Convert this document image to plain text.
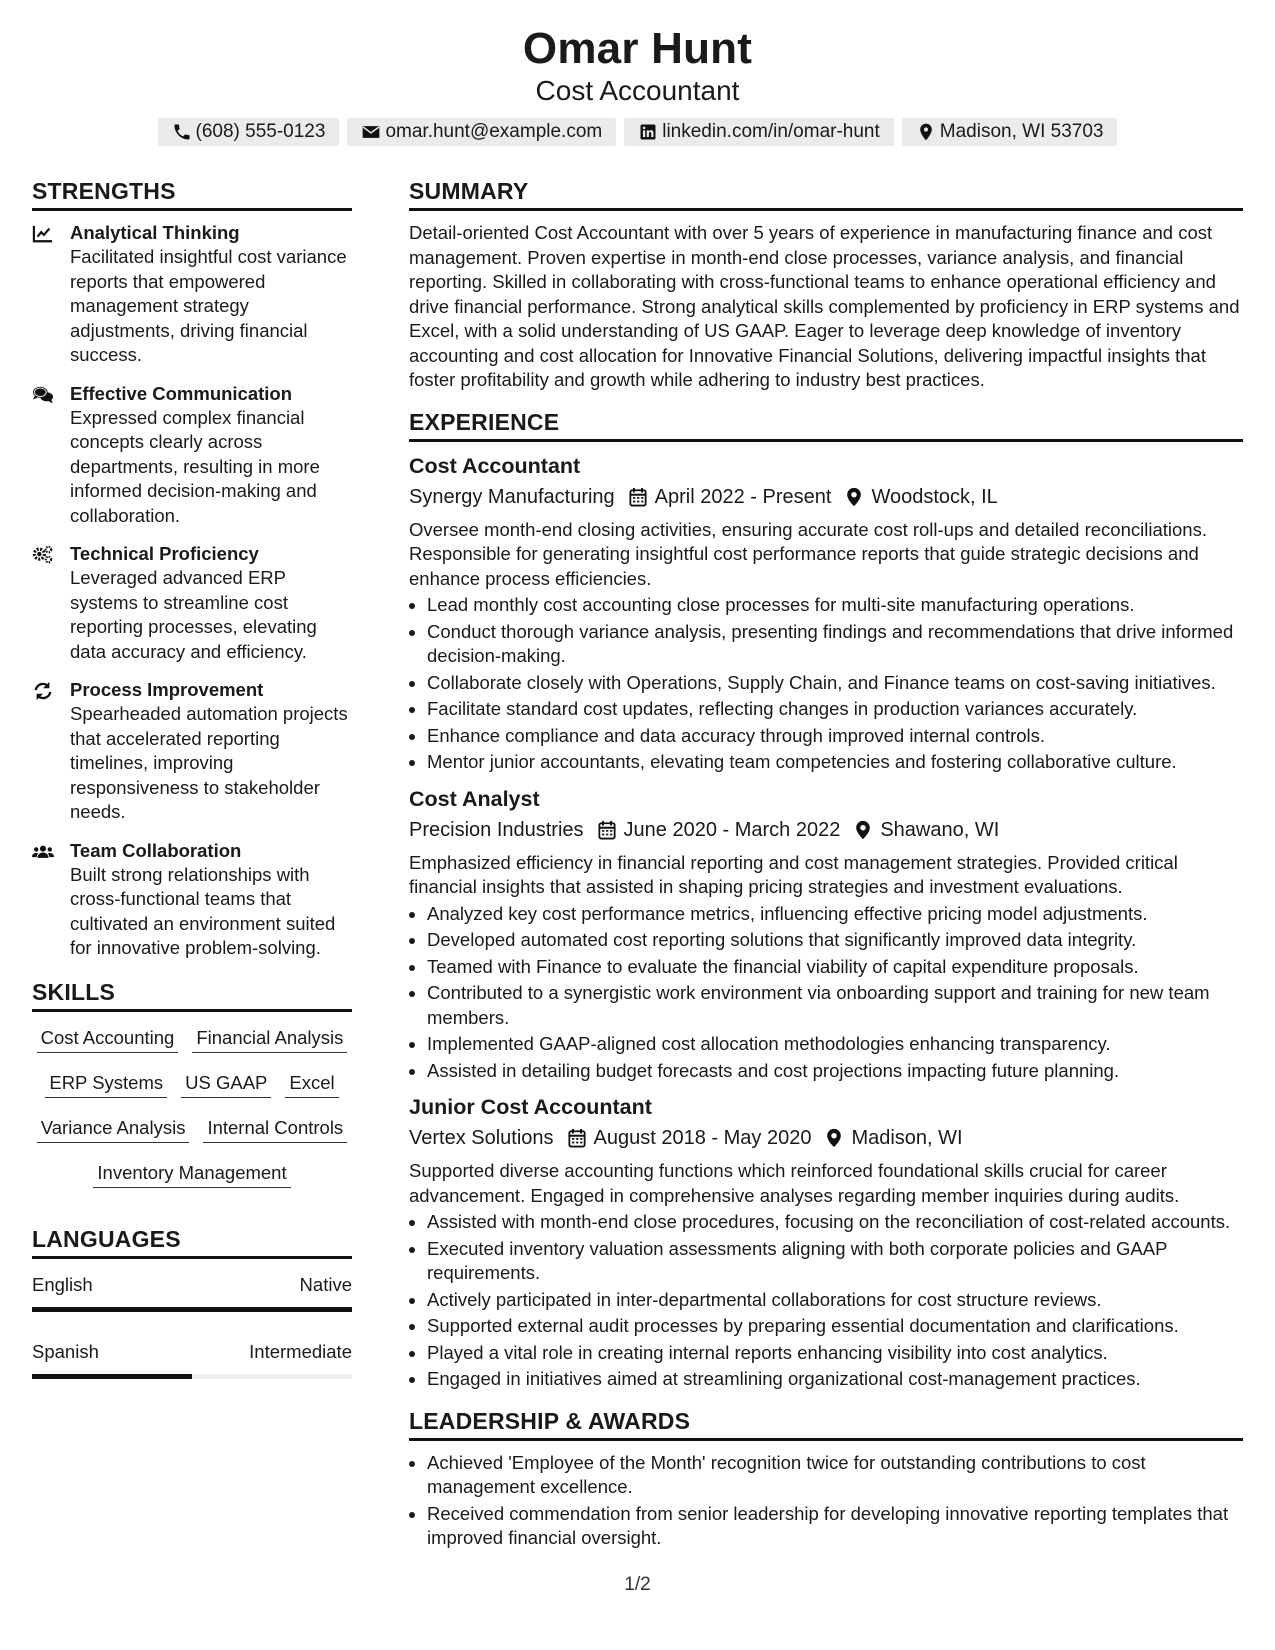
Omar Hunt
Cost Accountant
(608) 555-0123	omar.hunt@example.com	linkedin.com/in/omar-hunt	Madison, WI 53703
STRENGTHS
Analytical Thinking
Facilitated insightful cost variance reports that empowered management strategy adjustments, driving financial success.
Effective Communication
Expressed complex financial concepts clearly across departments, resulting in more informed decision-making and collaboration.
Technical Proficiency
Leveraged advanced ERP systems to streamline cost reporting processes, elevating data accuracy and efficiency.
Process Improvement
Spearheaded automation projects that accelerated reporting timelines, improving responsiveness to stakeholder needs.
Team Collaboration
Built strong relationships with cross-functional teams that cultivated an environment suited for innovative problem-solving.
SKILLS
Cost Accounting Financial Analysis
ERP Systems US GAAP Excel
Variance Analysis Internal Controls
Inventory Management
LANGUAGES
English	Native
Spanish	Intermediate
SUMMARY
Detail-oriented Cost Accountant with over 5 years of experience in manufacturing finance and cost management. Proven expertise in month-end close processes, variance analysis, and financial reporting. Skilled in collaborating with cross-functional teams to enhance operational efficiency and drive financial performance. Strong analytical skills complemented by proficiency in ERP systems and Excel, with a solid understanding of US GAAP. Eager to leverage deep knowledge of inventory accounting and cost allocation for Innovative Financial Solutions, delivering impactful insights that foster profitability and growth while adhering to industry best practices.
EXPERIENCE
Cost Accountant
Synergy Manufacturing April 2022 - Present Woodstock, IL
Oversee month-end closing activities, ensuring accurate cost roll-ups and detailed reconciliations. Responsible for generating insightful cost performance reports that guide strategic decisions and enhance process efficiencies.
• Lead monthly cost accounting close processes for multi-site manufacturing operations.
• Conduct thorough variance analysis, presenting findings and recommendations that drive informed decision-making.
• Collaborate closely with Operations, Supply Chain, and Finance teams on cost-saving initiatives.
• Facilitate standard cost updates, reflecting changes in production variances accurately.
• Enhance compliance and data accuracy through improved internal controls.
• Mentor junior accountants, elevating team competencies and fostering collaborative culture.
Cost Analyst
Precision Industries June 2020 - March 2022 Shawano, WI
Emphasized efficiency in financial reporting and cost management strategies. Provided critical financial insights that assisted in shaping pricing strategies and investment evaluations.
• Analyzed key cost performance metrics, influencing effective pricing model adjustments.
• Developed automated cost reporting solutions that significantly improved data integrity.
• Teamed with Finance to evaluate the financial viability of capital expenditure proposals.
• Contributed to a synergistic work environment via onboarding support and training for new team members.
• Implemented GAAP-aligned cost allocation methodologies enhancing transparency.
• Assisted in detailing budget forecasts and cost projections impacting future planning.
Junior Cost Accountant
Vertex Solutions August 2018 - May 2020 Madison, WI
Supported diverse accounting functions which reinforced foundational skills crucial for career advancement. Engaged in comprehensive analyses regarding member inquiries during audits.
• Assisted with month-end close procedures, focusing on the reconciliation of cost-related accounts.
• Executed inventory valuation assessments aligning with both corporate policies and GAAP requirements.
• Actively participated in inter-departmental collaborations for cost structure reviews.
• Supported external audit processes by preparing essential documentation and clarifications.
• Played a vital role in creating internal reports enhancing visibility into cost analytics.
• Engaged in initiatives aimed at streamlining organizational cost-management practices.
LEADERSHIP & AWARDS
• Achieved 'Employee of the Month' recognition twice for outstanding contributions to cost management excellence.
• Received commendation from senior leadership for developing innovative reporting templates that improved financial oversight.
1/2
